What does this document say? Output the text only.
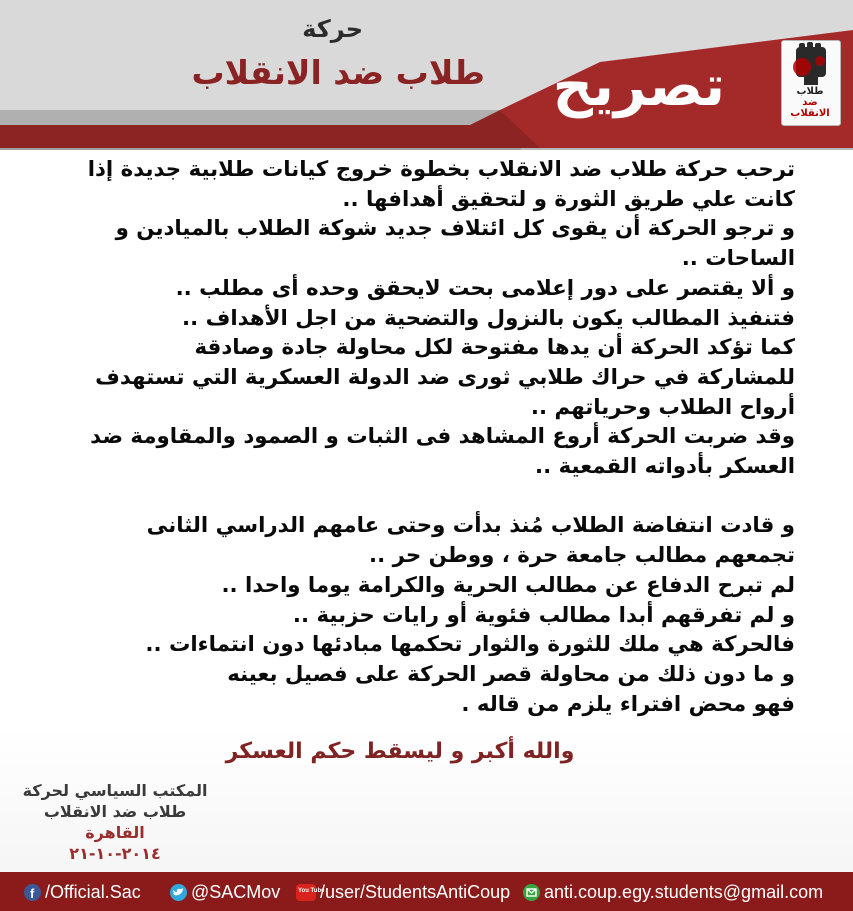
طلاب
ضد
الانقلاب
تصريح
حركة
طلاب ضد الانقلاب

ترحب حركة طلاب ضد الانقلاب بخطوة خروج كيانات طلابية جديدة إذا

كانت علي طريق الثورة و لتحقيق أهدافها ..

و ترجو الحركة أن يقوى كل ائتلاف جديد شوكة الطلاب بالميادين و

الساحات ..

و ألا يقتصر على دور إعلامى بحت لايحقق وحده أى مطلب ..

فتنفيذ المطالب يكون بالنزول والتضحية من اجل الأهداف ..

كما تؤكد الحركة أن يدها مفتوحة لكل محاولة جادة وصادقة

للمشاركة في حراك طلابي ثورى ضد الدولة العسكرية التي تستهدف

أرواح الطلاب وحرياتهم ..

وقد ضربت الحركة أروع المشاهد فى الثبات و الصمود والمقاومة ضد

العسكر بأدواته القمعية ..

و قادت انتفاضة الطلاب مُنذ بدأت وحتى عامهم الدراسي الثانى

تجمعهم مطالب جامعة حرة ، ووطن حر ..

لم تبرح الدفاع عن مطالب الحرية والكرامة يوما واحدا ..

و لم تفرقهم أبدا مطالب فئوية أو رايات حزبية ..

فالحركة هي ملك للثورة والثوار تحكمها مبادئها دون انتماءات ..

و ما دون ذلك من محاولة قصر الحركة على فصيل بعينه

فهو محض افتراء يلزم من قاله .

والله أكبر و ليسقط حكم العسكر
المكتب السياسي لحركة
طلاب ضد الانقلاب
القاهرة
٢٠١٤-١٠-٢١
f /Official.Sac	@SACMov	You Tube
/user/StudentsAntiCoup	anti.coup.egy.students@gmail.com
